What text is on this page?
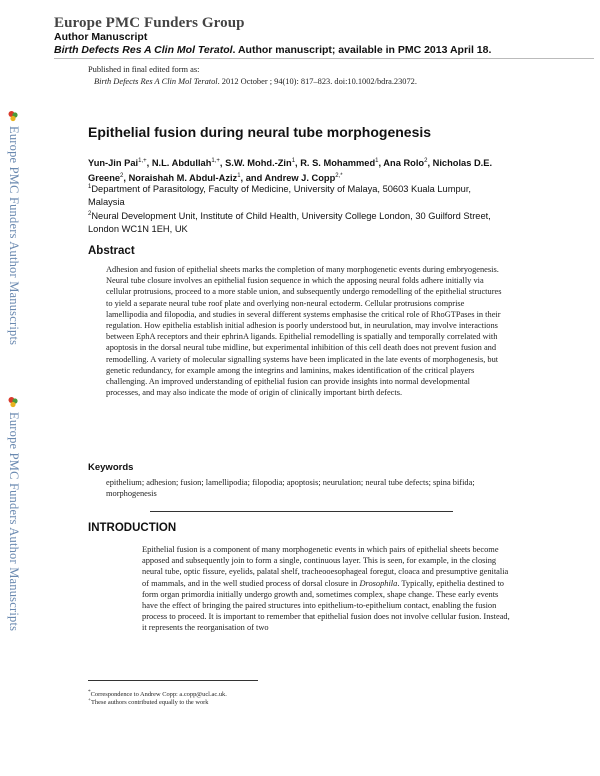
Europe PMC Funders Group
Author Manuscript
Birth Defects Res A Clin Mol Teratol. Author manuscript; available in PMC 2013 April 18.
Published in final edited form as:
Birth Defects Res A Clin Mol Teratol. 2012 October ; 94(10): 817–823. doi:10.1002/bdra.23072.
Europe PMC Funders Author Manuscripts
Europe PMC Funders Author Manuscripts
Epithelial fusion during neural tube morphogenesis
Yun-Jin Pai$^{1,+}$, N.L. Abdullah$^{1,+}$, S.W. Mohd.-Zin$^1$, R. S. Mohammed$^1$, Ana Rolo$^2$, Nicholas D.E. Greene$^2$, Noraishah M. Abdul-Aziz$^1$, and Andrew J. Copp$^{2,*}$
$^1$Department of Parasitology, Faculty of Medicine, University of Malaya, 50603 Kuala Lumpur, Malaysia
$^2$Neural Development Unit, Institute of Child Health, University College London, 30 Guilford Street, London WC1N 1EH, UK
Abstract
Adhesion and fusion of epithelial sheets marks the completion of many morphogenetic events during embryogenesis. Neural tube closure involves an epithelial fusion sequence in which the apposing neural folds adhere initially via cellular protrusions, proceed to a more stable union, and subsequently undergo remodelling of the epithelial structures to yield a separate neural tube roof plate and overlying non-neural ectoderm. Cellular protrusions comprise lamellipodia and filopodia, and studies in several different systems emphasise the critical role of RhoGTPases in their regulation. How epithelia establish initial adhesion is poorly understood but, in neurulation, may involve interactions between EphA receptors and their ephrinA ligands. Epithelial remodelling is spatially and temporally correlated with apoptosis in the dorsal neural tube midline, but experimental inhibition of this cell death does not prevent fusion and remodelling. A variety of molecular signalling systems have been implicated in the late events of morphogenesis, but genetic redundancy, for example among the integrins and laminins, makes identification of the critical players challenging. An improved understanding of epithelial fusion can provide insights into normal developmental processes, and may also indicate the mode of origin of clinically important birth defects.
Keywords
epithelium; adhesion; fusion; lamellipodia; filopodia; apoptosis; neurulation; neural tube defects; spina bifida; morphogenesis
INTRODUCTION
Epithelial fusion is a component of many morphogenetic events in which pairs of epithelial sheets become apposed and subsequently join to form a single, continuous layer. This is seen, for example, in the closing neural tube, optic fissure, eyelids, palatal shelf, tracheooesophageal foregut, cloaca and presumptive genitalia of mammals, and in the well studied process of dorsal closure in Drosophila. Typically, epithelia destined to form organ primordia initially undergo growth and, sometimes complex, shape change. These early events have the effect of bringing the paired structures into epithelium-to-epithelium contact, enabling the fusion process to proceed. It is important to remember that epithelial fusion does not involve cellular fusion. Instead, it represents the reorganisation of two
*Correspondence to Andrew Copp: a.copp@ucl.ac.uk.
+These authors contributed equally to the work
